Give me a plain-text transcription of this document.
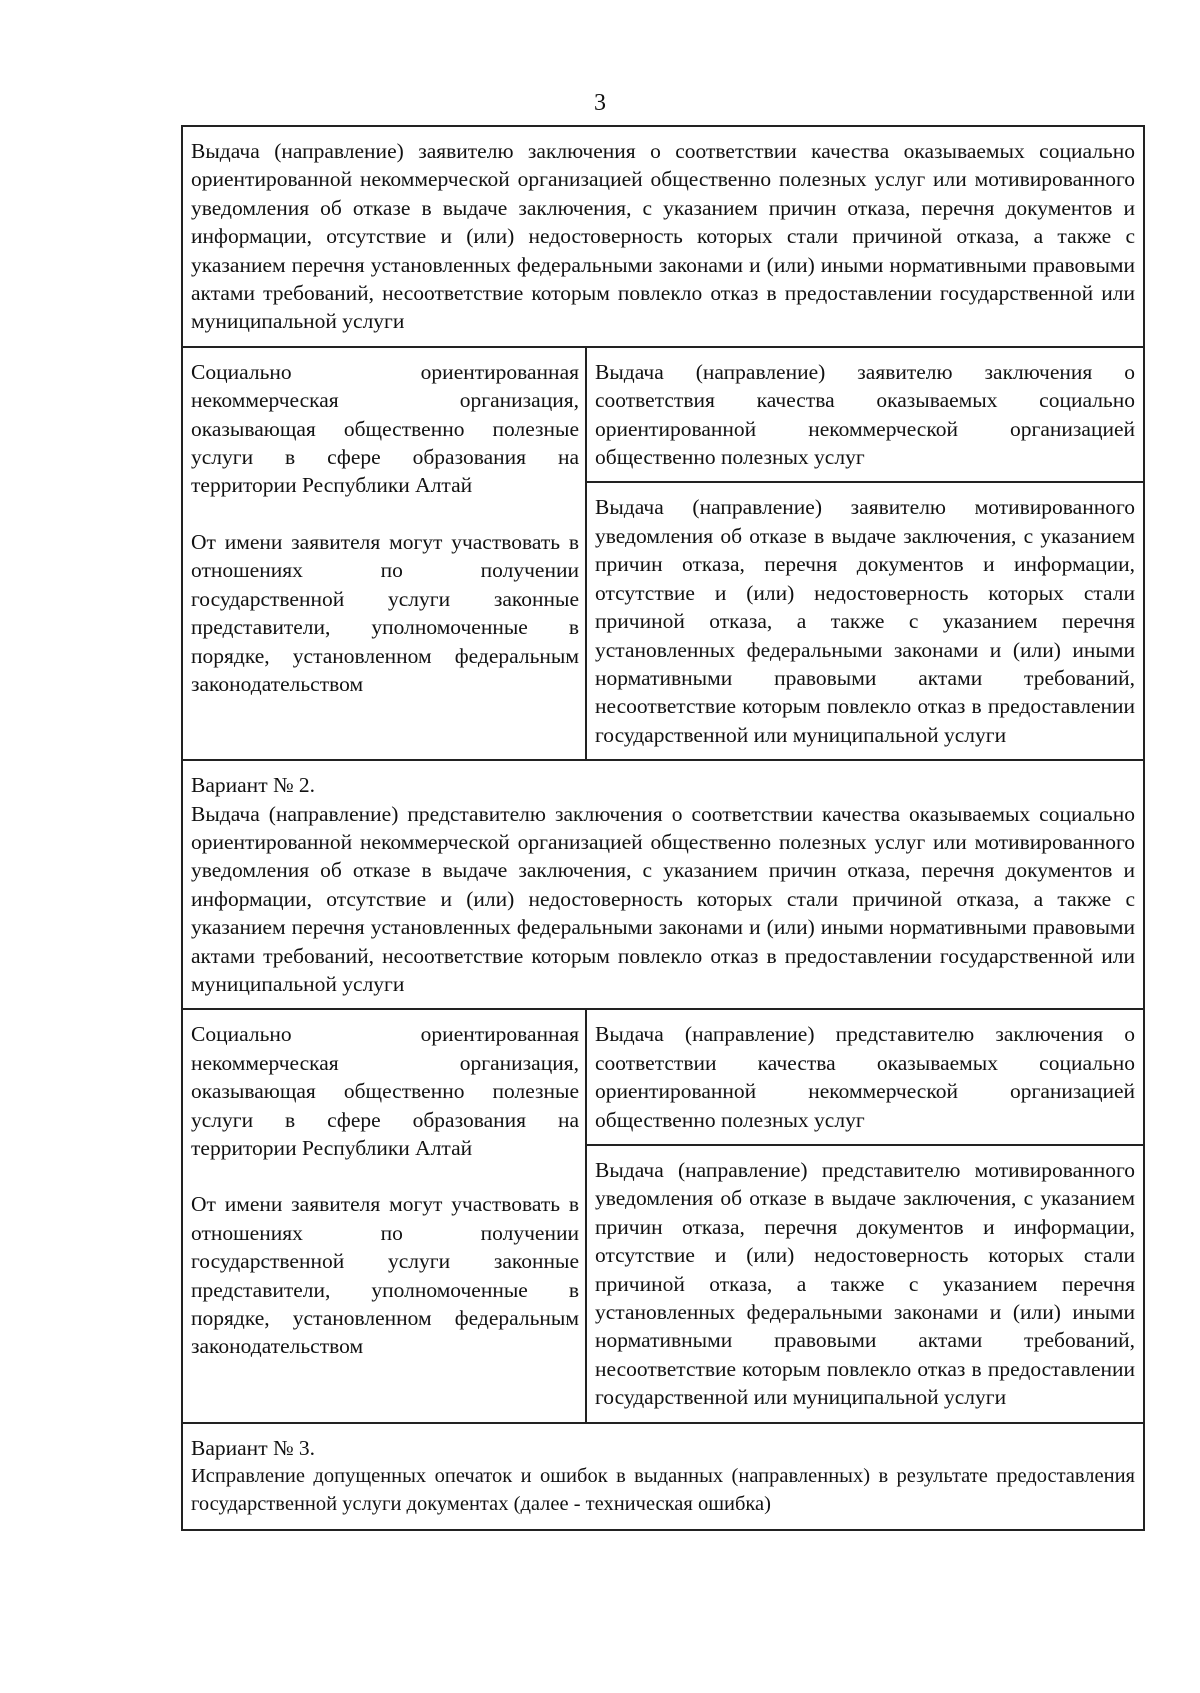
3

Выдача (направление) заявителю заключения о соответствии качества оказываемых социально ориентированной некоммерческой организацией общественно полезных услуг или мотивированного уведомления об отказе в выдаче заключения, с указанием причин отказа, перечня документов и информации, отсутствие и (или) недостоверность которых стали причиной отказа, а также с указанием перечня установленных федеральными законами и (или) иными нормативными правовыми актами требований, несоответствие которым повлекло отказ в предоставлении государственной или муниципальной услуги

Социально ориентированная некоммерческая организация, оказывающая общественно полезные услуги в сфере образования на территории Республики Алтай

От имени заявителя могут участвовать в отношениях по получении государственной услуги законные представители, уполномоченные в порядке, установленном федеральным законодательством

Выдача (направление) заявителю заключения о соответствия качества оказываемых социально ориентированной некоммерческой организацией общественно полезных услуг
Выдача (направление) заявителю мотивированного уведомления об отказе в выдаче заключения, с указанием причин отказа, перечня документов и информации, отсутствие и (или) недостоверность которых стали причиной отказа, а также с указанием перечня установленных федеральными законами и (или) иными нормативными правовыми актами требований, несоответствие которым повлекло отказ в предоставлении государственной или муниципальной услуги

Вариант № 2.

Выдача (направление) представителю заключения о соответствии качества оказываемых социально ориентированной некоммерческой организацией общественно полезных услуг или мотивированного уведомления об отказе в выдаче заключения, с указанием причин отказа, перечня документов и информации, отсутствие и (или) недостоверность которых стали причиной отказа, а также с указанием перечня установленных федеральными законами и (или) иными нормативными правовыми актами требований, несоответствие которым повлекло отказ в предоставлении государственной или муниципальной услуги

Социально ориентированная некоммерческая организация, оказывающая общественно полезные услуги в сфере образования на территории Республики Алтай

От имени заявителя могут участвовать в отношениях по получении государственной услуги законные представители, уполномоченные в порядке, установленном федеральным законодательством

Выдача (направление) представителю заключения о соответствии качества оказываемых социально ориентированной некоммерческой организацией общественно полезных услуг
Выдача (направление) представителю мотивированного уведомления об отказе в выдаче заключения, с указанием причин отказа, перечня документов и информации, отсутствие и (или) недостоверность которых стали причиной отказа, а также с указанием перечня установленных федеральными законами и (или) иными нормативными правовыми актами требований, несоответствие которым повлекло отказ в предоставлении государственной или муниципальной услуги

Вариант № 3.

Исправление допущенных опечаток и ошибок в выданных (направленных) в результате предоставления государственной услуги документах (далее - техническая ошибка)
